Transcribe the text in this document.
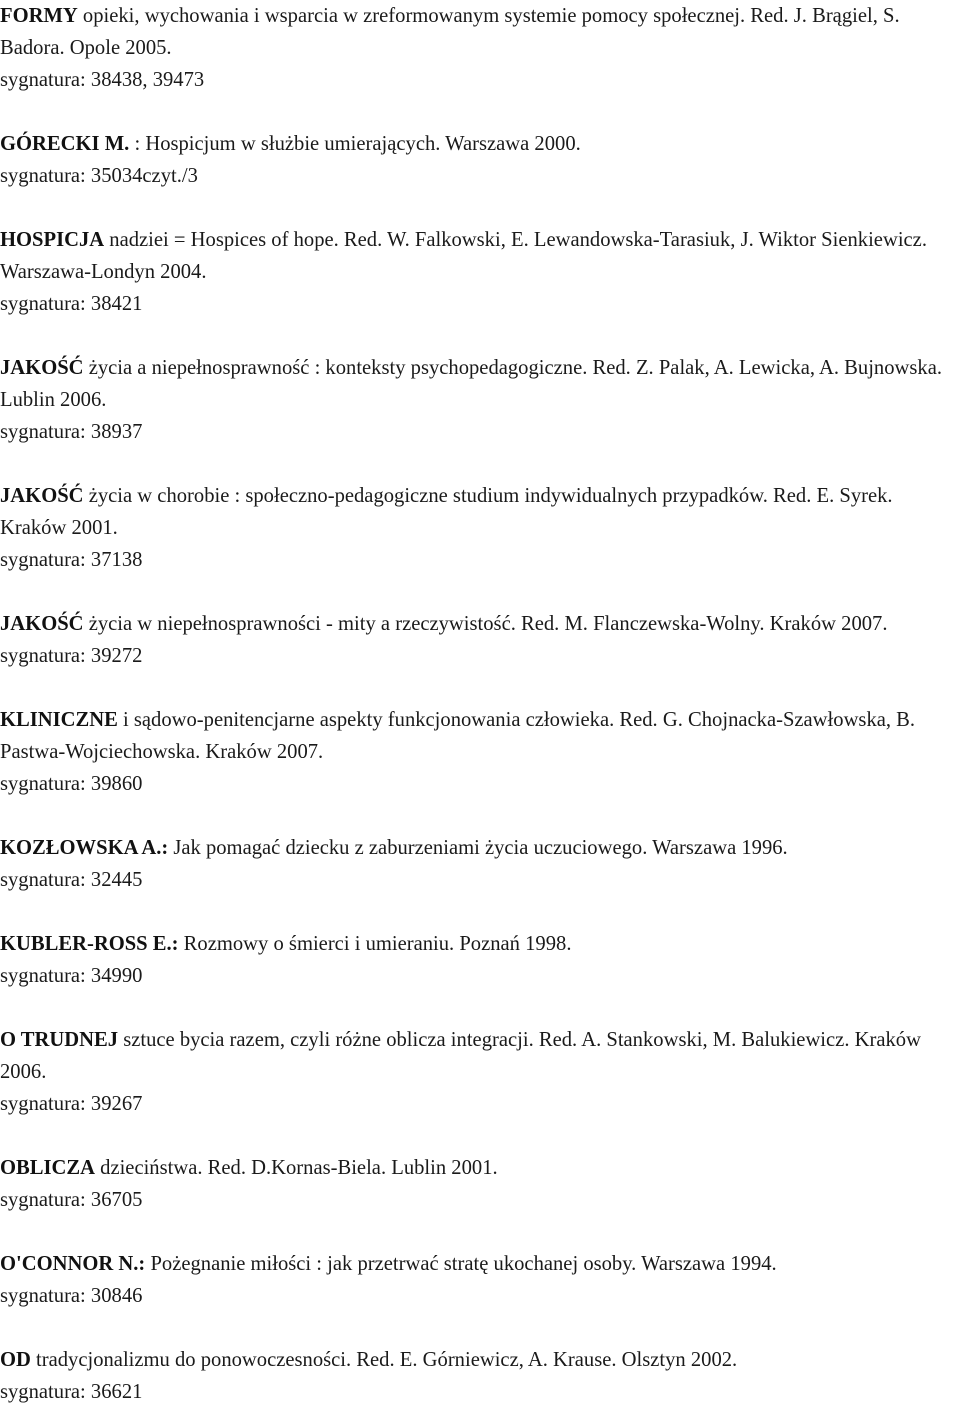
FORMY opieki, wychowania i wsparcia w zreformowanym systemie pomocy społecznej. Red. J. Brągiel, S. Badora. Opole 2005.
sygnatura: 38438, 39473

GÓRECKI M. : Hospicjum w służbie umierających. Warszawa 2000.
sygnatura: 35034czyt./3

HOSPICJA nadziei = Hospices of hope. Red. W. Falkowski, E. Lewandowska-Tarasiuk, J. Wiktor Sienkiewicz. Warszawa-Londyn 2004.
sygnatura: 38421

JAKOŚĆ życia a niepełnosprawność : konteksty psychopedagogiczne. Red. Z. Palak, A. Lewicka, A. Bujnowska. Lublin 2006.
sygnatura: 38937

JAKOŚĆ życia w chorobie : społeczno-pedagogiczne studium indywidualnych przypadków. Red. E. Syrek. Kraków 2001.
sygnatura: 37138

JAKOŚĆ życia w niepełnosprawności - mity a rzeczywistość. Red. M. Flanczewska-Wolny. Kraków 2007.
sygnatura: 39272

KLINICZNE i sądowo-penitencjarne aspekty funkcjonowania człowieka. Red. G. Chojnacka-Szawłowska, B. Pastwa-Wojciechowska. Kraków 2007.
sygnatura: 39860

KOZŁOWSKA A.: Jak pomagać dziecku z zaburzeniami życia uczuciowego. Warszawa 1996.
sygnatura: 32445

KUBLER-ROSS E.: Rozmowy o śmierci i umieraniu. Poznań 1998.
sygnatura: 34990

O TRUDNEJ sztuce bycia razem, czyli różne oblicza integracji. Red. A. Stankowski, M. Balukiewicz. Kraków 2006.
sygnatura: 39267

OBLICZA dzieciństwa. Red. D.Kornas-Biela. Lublin 2001.
sygnatura: 36705

O'CONNOR N.: Pożegnanie miłości : jak przetrwać stratę ukochanej osoby. Warszawa 1994.
sygnatura: 30846

OD tradycjonalizmu do ponowoczesności. Red. E. Górniewicz, A. Krause. Olsztyn 2002.
sygnatura: 36621
